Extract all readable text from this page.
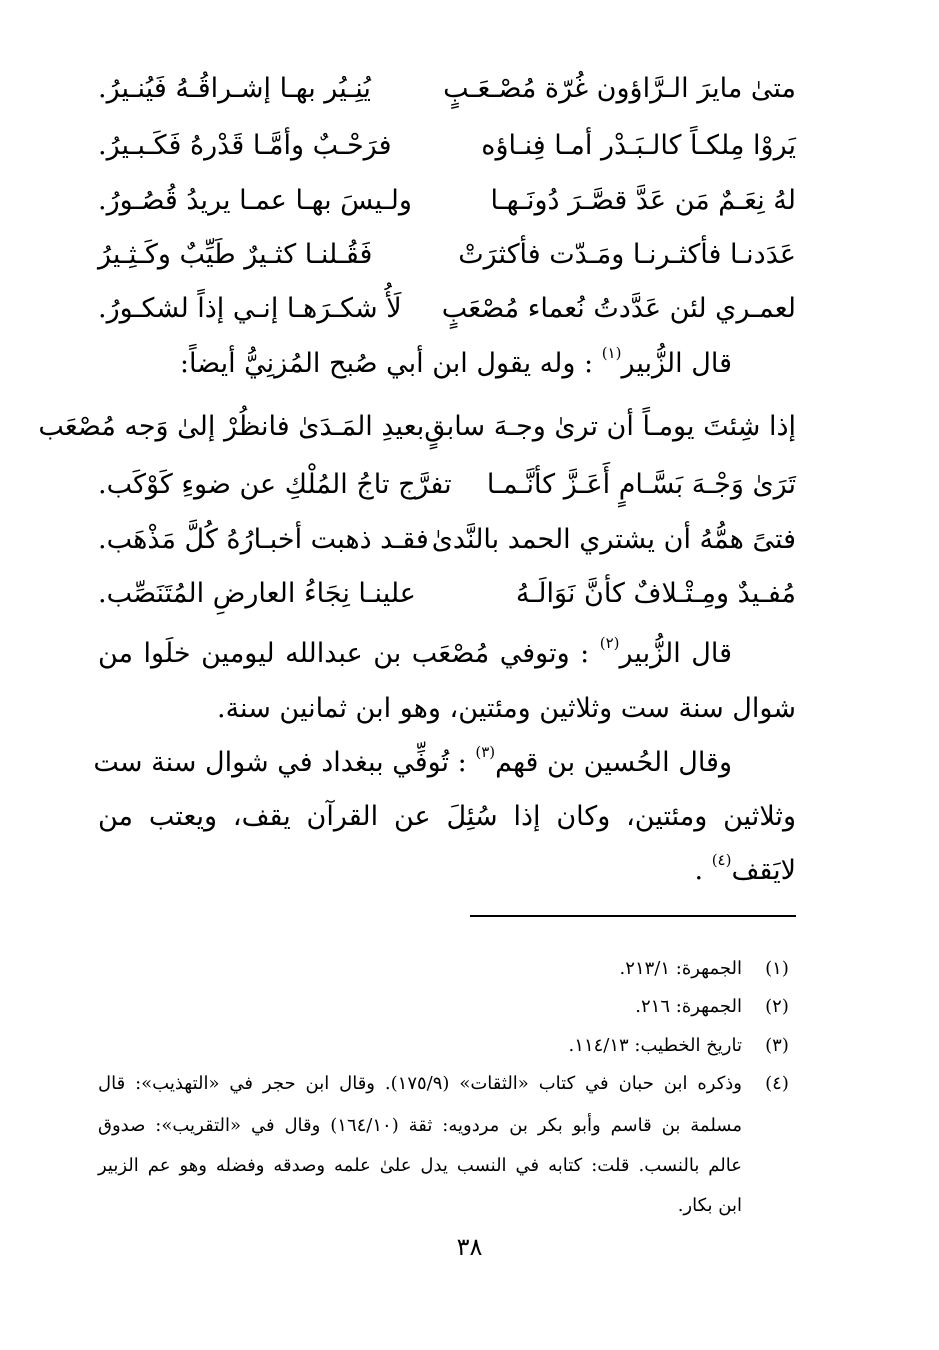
متىٰ مايرَ الـرَّاؤون غُرّة مُصْـعَـبٍ
يُنِـيُر بهـا إشـراقُـهُ فَيُنـيرُ.
يَروْا مِلكـاً كالـبَـدْر أمـا فِنـاؤه
فرَحْـبٌ وأمَّـا قَدْرهُ فَكَـبـيرُ.
لهُ نِعَـمٌ مَن عَدَّ قصَّـرَ دُونَـهـا
ولـيسَ بهـا عمـا يريدُ قُصُـورُ.
عَدَدنـا فأكثـرنـا ومَـدّت فأكثرَتْ
فَقُـلنـا كثـيرٌ طَيِّبٌ وكَـثِـيرُ
لعمـري لئن عَدَّدتُ نُعماء مُصْعَبٍ
لَأُ شكـرَهـا إنـي إذاً لشكـورُ.
قال الزُّبير$^{(١)}$ : وله يقول ابن أبي صُبح المُزنِيُّ أيضاً:
إذا شِئتَ يومـاً أن ترىٰ وجـهَ سابقٍ
بعيدِ المَـدَىٰ فانظُرْ إلىٰ وَجه مُصْعَب
تَرَىٰ وَجْـهَ بَسَّـامٍ أَعَـزَّ كأنَّـمـا
تفرَّج تاجُ المُلْكِ عن ضوءِ كَوْكَب.
فتىً همُّهُ أن يشتري الحمد بالنَّدىٰ
فقـد ذهبت أخبـارُهُ كُلَّ مَذْهَب.
مُفـيدٌ ومِـتْـلافٌ كأنَّ نَوَالَـهُ
علينـا نِجَاءُ العارضِ المُتَنَصِّب.
قال الزُّبير$^{(٢)}$ : وتوفي مُصْعَب بن عبدالله ليومين خلَوا من
شوال سنة ست وثلاثين ومئتين، وهو ابن ثمانين سنة.
وقال الحُسين بن قهم$^{(٣)}$ : تُوفِّي ببغداد في شوال سنة ست
وثلاثين ومئتين، وكان إذا سُئِلَ عن القرآن يقف، ويعتب من
لايَقف$^{(٤)}$ .
(١)
الجمهرة: ٢١٣/١.
(٢)
الجمهرة: ٢١٦.
(٣)
تاريخ الخطيب: ١١٤/١٣.
(٤)
وذكره ابن حبان في كتاب «الثقات» (١٧٥/٩). وقال ابن حجر في «التهذيب»: قال
مسلمة بن قاسم وأبو بكر بن مردويه: ثقة (١٦٤/١٠) وقال في «التقريب»: صدوق
عالم بالنسب. قلت: كتابه في النسب يدل علىٰ علمه وصدقه وفضله وهو عم الزبير
ابن بكار.
٣٨
